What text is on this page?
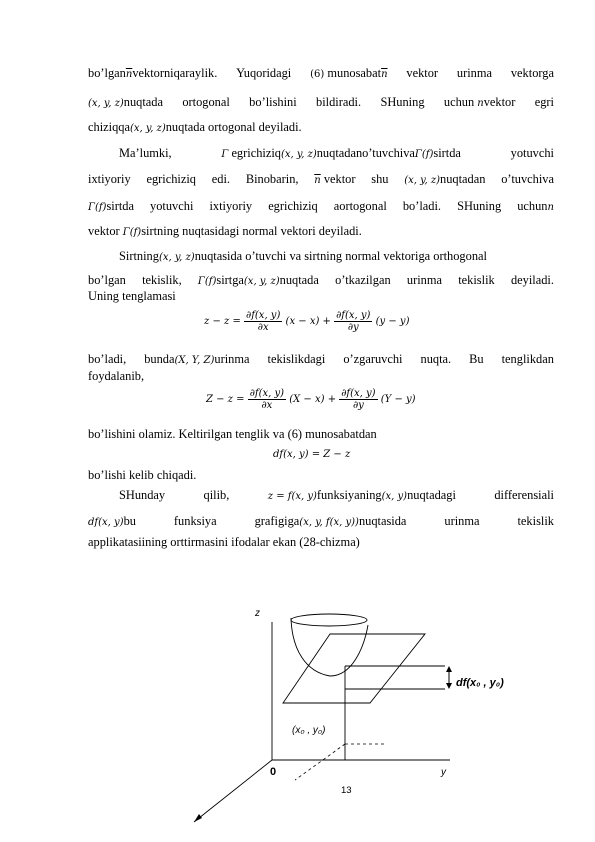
$bo’lgan\overline{n}vektorniqaraylik$. Yuqoridagi (6) $munosabat\overline{n}$ vektor urinma vektorga
(x, y, z)nuqtada ortogonal bo’lishini bildiradi. SHuning uchun nvektor egri
chiziqqa(x, y, z)nuqtada ortogonal deyiladi.
Ma’lumki,	Γ egrichiziq(x, y, z)nuqtadano’tuvchivaΓ(f)sirtda	yotuvchi
ixtiyoriy egrichiziq edi. Binobarin, $\overline{n}$ vektor shu (x, y, z)nuqtadan o’tuvchiva
Γ(f)sirtda yotuvchi ixtiyoriy egrichiziq aortogonal bo’ladi. SHuning uchunn
vektor Γ(f)sirtning nuqtasidagi normal vektori deyiladi.
Sirtning(x, y, z)nuqtasida o’tuvchi va sirtning normal vektoriga orthogonal
bo’lgan tekislik, Γ(f)sirtga(x, y, z)nuqtada o’tkazilgan urinma tekislik deyiladi.
Uning tenglamasi
$z - z = \frac{\partial f(x, y)}{\partial x} (x - x) + \frac{\partial f(x, y)}{\partial y} (y - y)$
bo’ladi, bunda(X, Y, Z)urinma tekislikdagi o’zgaruvchi nuqta. Bu tenglikdan
foydalanib,
$Z - z = \frac{\partial f(x, y)}{\partial x} (X - x) + \frac{\partial f(x, y)}{\partial y} (Y - y)$
bo’lishini olamiz. Keltirilgan tenglik va (6) munosabatdan
df(x, y) = Z − z
bo’lishi kelib chiqadi.
SHunday	qilib,	z = f(x, y)funksiyaning(x, y)nuqtadagi	differensiali
df(x, y)bu	funksiya	grafigiga(x, y, f(x, y))nuqtasida	urinma	tekislik
applikatasiining orttirmasini ifodalar ekan (28-chizma)
z
y
0
df(x₀ , y₀)
(x₀ , y₀)
13
